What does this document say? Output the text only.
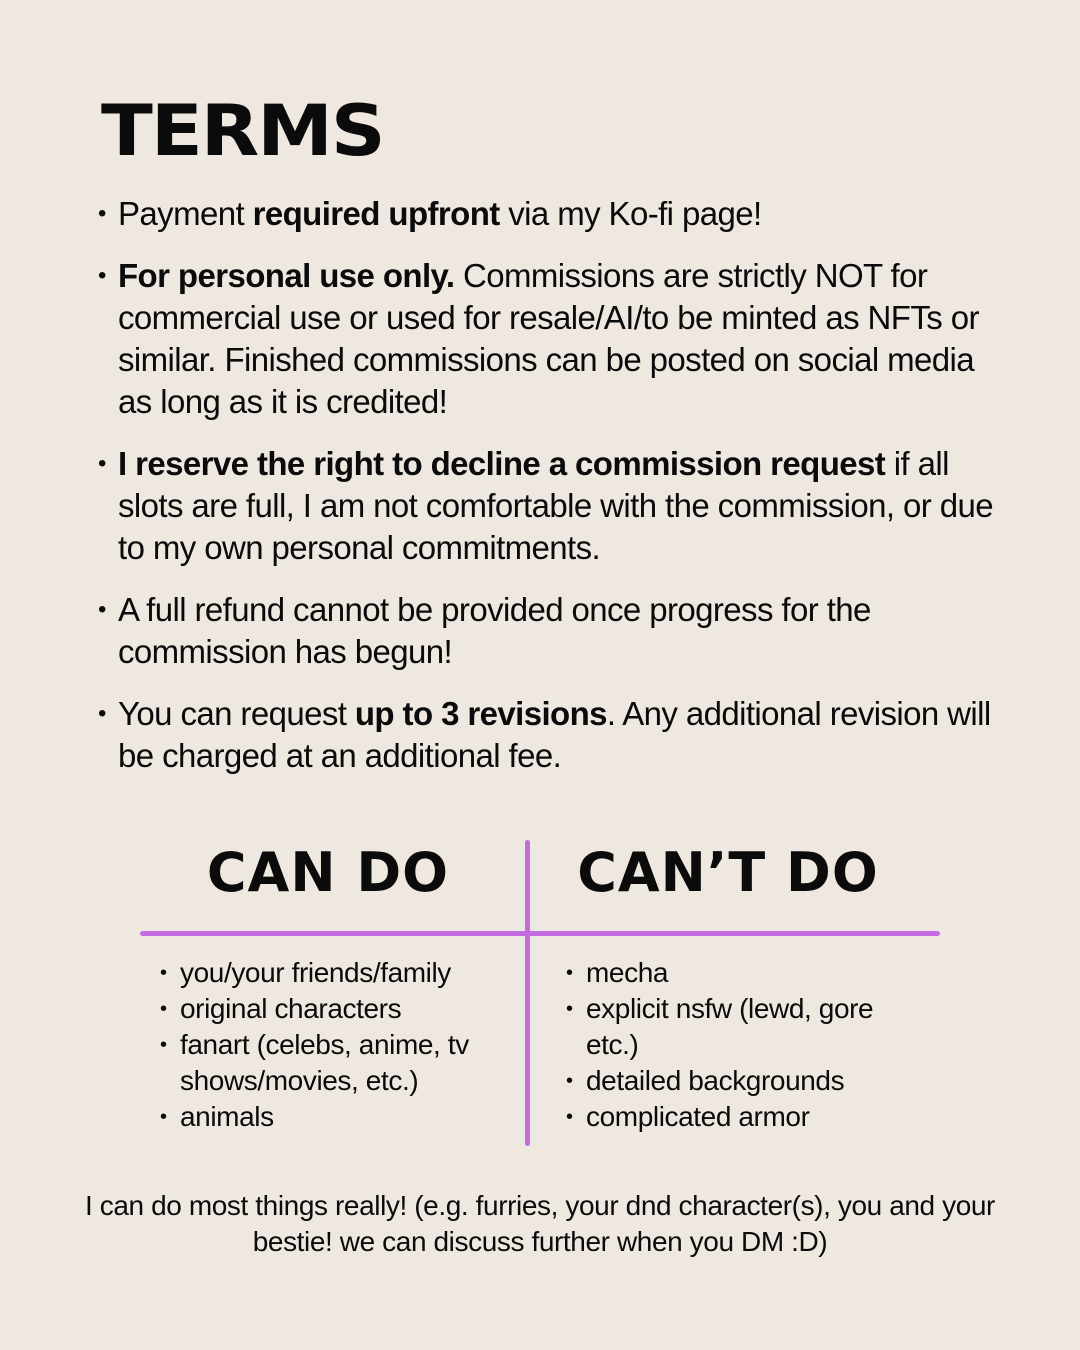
TERMS
• Payment required upfront via my Ko-fi page!
• For personal use only. Commissions are strictly NOT for commercial use or used for resale/AI/to be minted as NFTs or similar. Finished commissions can be posted on social media as long as it is credited!
• I reserve the right to decline a commission request if all slots are full, I am not comfortable with the commission, or due to my own personal commitments.
• A full refund cannot be provided once progress for the commission has begun!
• You can request up to 3 revisions. Any additional revision will be charged at an additional fee.
CAN DO	CAN’T DO
• you/your friends/family
• original characters
• fanart (celebs, anime, tv shows/movies, etc.)
• animals
• mecha
• explicit nsfw (lewd, gore etc.)
• detailed backgrounds
• complicated armor

I can do most things really! (e.g. furries, your dnd character(s), you and your bestie! we can discuss further when you DM :D)
